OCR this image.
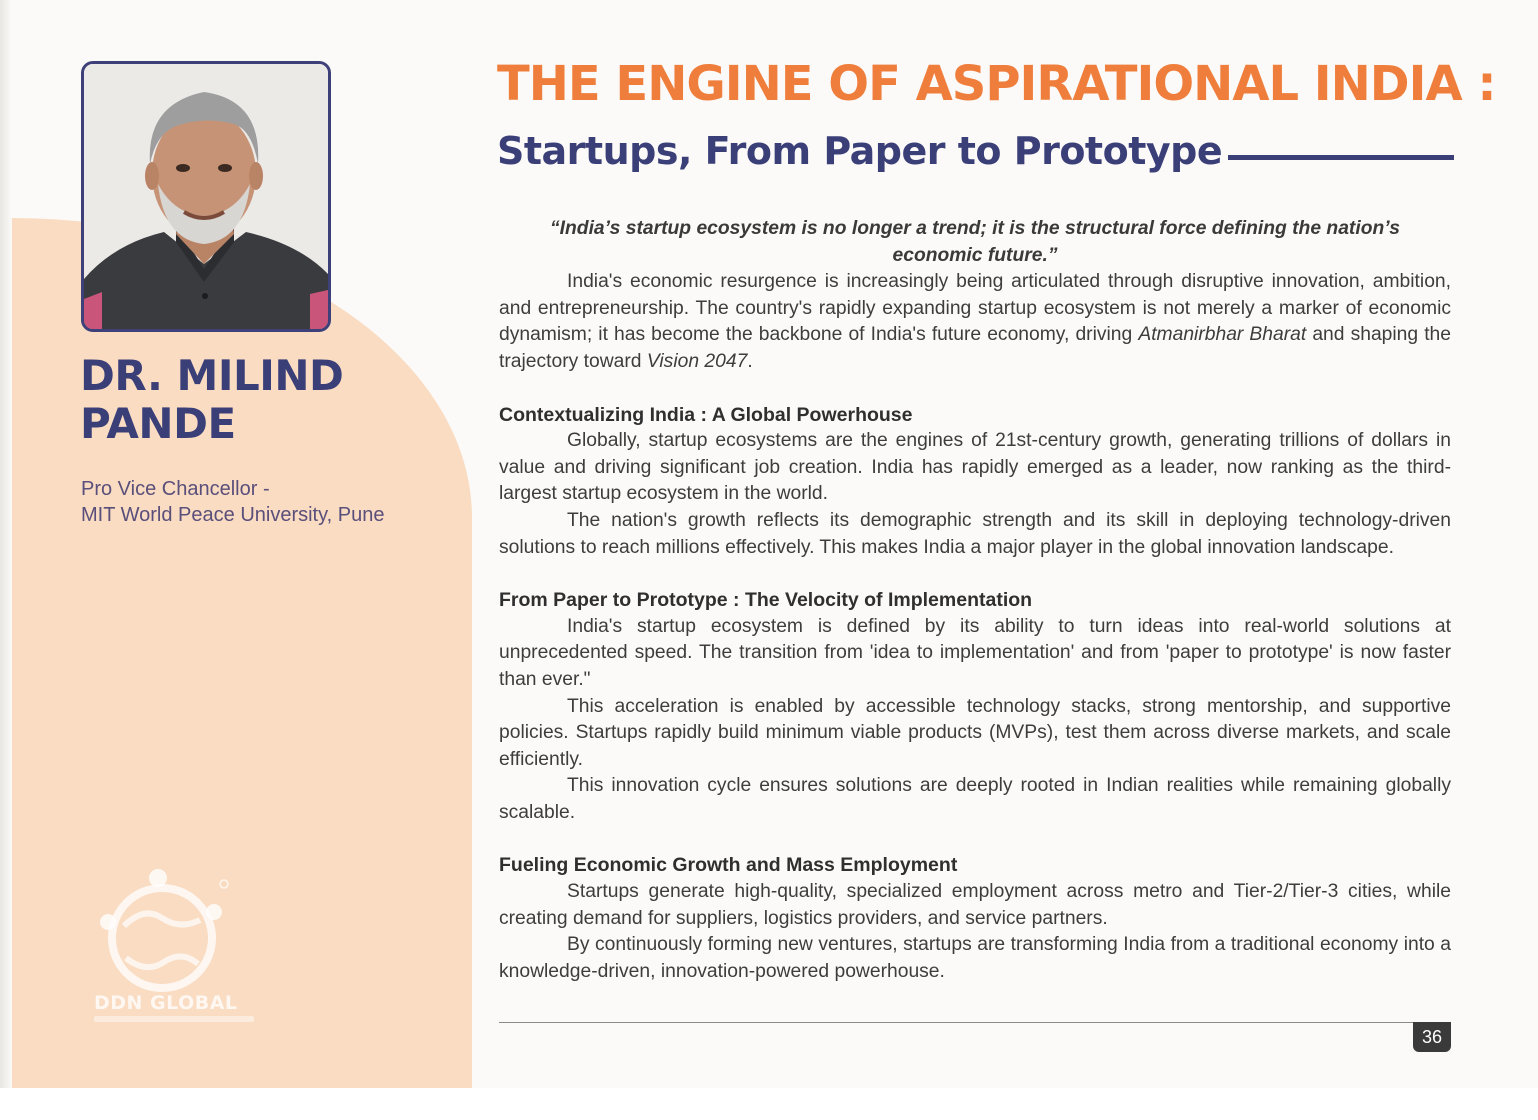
DR. MILIND
PANDE
Pro Vice Chancellor -
MIT World Peace University, Pune
DDN GLOBAL
THE ENGINE OF ASPIRATIONAL INDIA :
Startups, From Paper to Prototype
“India’s startup ecosystem is no longer a trend; it is the structural force defining the nation’s economic future.”

India's economic resurgence is increasingly being articulated through disruptive innovation, ambition, and entrepreneurship. The country's rapidly expanding startup ecosystem is not merely a marker of economic dynamism; it has become the backbone of India's future economy, driving Atmanirbhar Bharat and shaping the trajectory toward Vision 2047.

Contextualizing India : A Global Powerhouse

Globally, startup ecosystems are the engines of 21st-century growth, generating trillions of dollars in value and driving significant job creation. India has rapidly emerged as a leader, now ranking as the third-largest startup ecosystem in the world.

The nation's growth reflects its demographic strength and its skill in deploying technology-driven solutions to reach millions effectively. This makes India a major player in the global innovation landscape.

From Paper to Prototype : The Velocity of Implementation

India's startup ecosystem is defined by its ability to turn ideas into real-world solutions at unprecedented speed. The transition from 'idea to implementation' and from 'paper to prototype' is now faster than ever."

This acceleration is enabled by accessible technology stacks, strong mentorship, and supportive policies. Startups rapidly build minimum viable products (MVPs), test them across diverse markets, and scale efficiently.

This innovation cycle ensures solutions are deeply rooted in Indian realities while remaining globally scalable.

Fueling Economic Growth and Mass Employment

Startups generate high-quality, specialized employment across metro and Tier-2/Tier-3 cities, while creating demand for suppliers, logistics providers, and service partners.

By continuously forming new ventures, startups are transforming India from a traditional economy into a knowledge-driven, innovation-powered powerhouse.

36
